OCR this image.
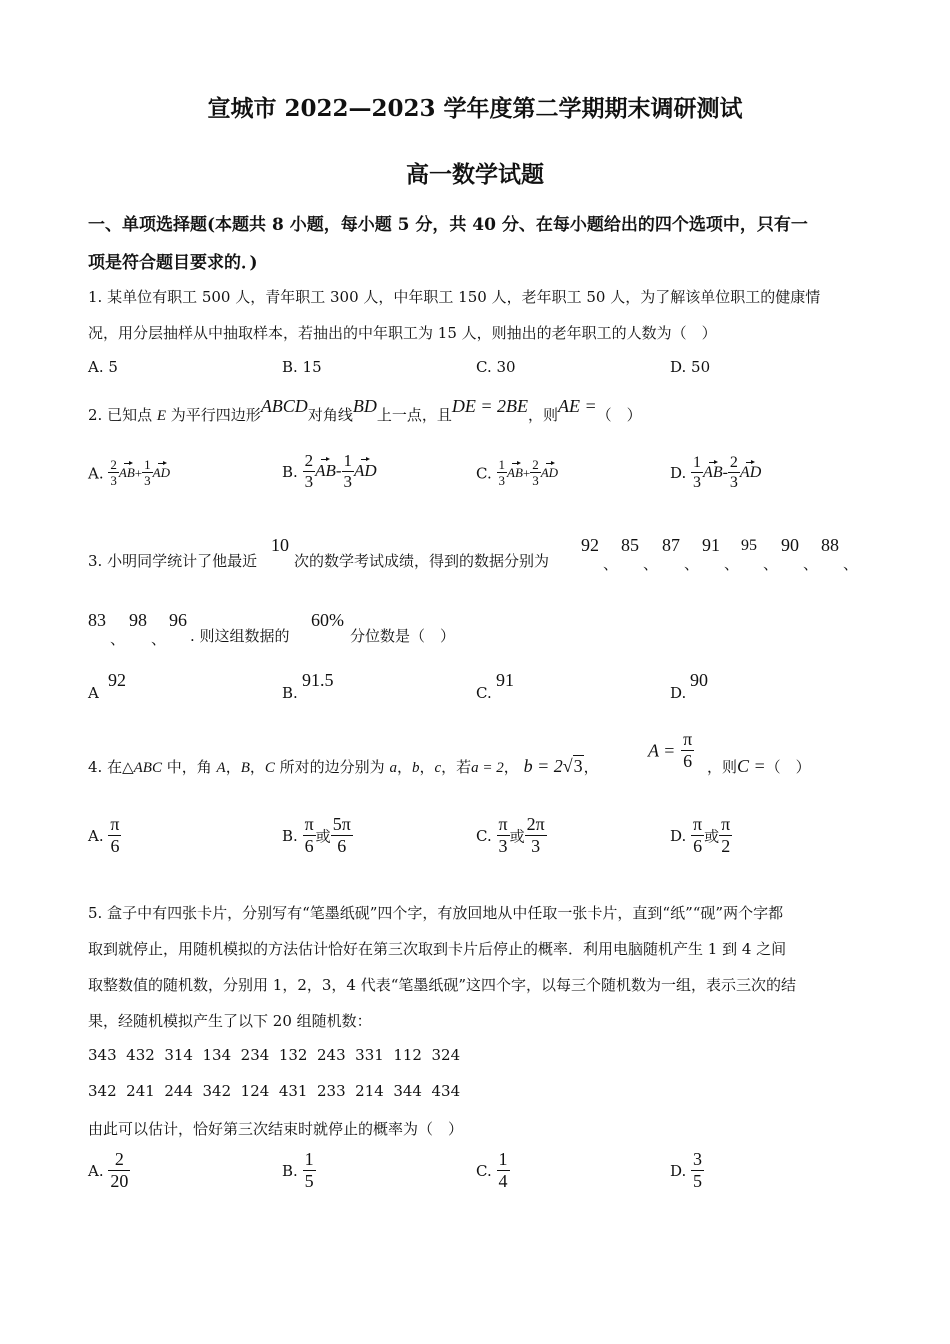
宣城市 2022—2023 学年度第二学期期末调研测试
高一数学试题
一、单项选择题(本题共 8 小题，每小题 5 分，共 40 分、在每小题给出的四个选项中，只有一
项是符合题目要求的．)
1. 某单位有职工 500 人，青年职工 300 人，中年职工 150 人，老年职工 50 人，为了解该单位职工的健康情
况，用分层抽样从中抽取样本，若抽出的中年职工为 15 人，则抽出的老年职工的人数为（　）
A. 5	B. 15	C. 30	D. 50
2. 已知点 E 为平行四边形ABCD对角线BD上一点，且DE = 2BE，则AE =（　）
A. $\frac{2}{3} AB+ \frac{1}{3}$ AD	B. $\frac{2}{3} AB- \frac{1}{3}$ AD	C. $\frac{1}{3} AB+ \frac{2}{3}$ AD	D. $\frac{1}{3} AB- \frac{2}{3}$ AD
3. 小明同学统计了他最近
10
次的数学考试成绩，得到的数据分别为
92
、
85
、
87
、
91
、
95
、
90
、
88
、
83
、
98
、
96
. 则这组数据的
60%
分位数是（　）
A
92
B.
91.5
C.
91
D.
90
4. 在△ABC 中，角 A，B，C 所对的边分别为 a，b，c，若a = 2， b = 2√3，
$A = \frac{\pi}{6}$ ，则C =（　）
A. $\frac{\pi}{6}$	B. $\frac{\pi}{6}$ 或 $\frac{5\pi}{6}$	C. $\frac{\pi}{3}$ 或 $\frac{2\pi}{3}$	D. $\frac{\pi}{6}$ 或 $\frac{\pi}{2}$
5. 盒子中有四张卡片，分别写有“笔墨纸砚”四个字，有放回地从中任取一张卡片，直到“纸”“砚”两个字都
取到就停止，用随机模拟的方法估计恰好在第三次取到卡片后停止的概率．利用电脑随机产生 1 到 4 之间
取整数值的随机数，分别用 1，2，3，4 代表“笔墨纸砚”这四个字，以每三个随机数为一组，表示三次的结
果，经随机模拟产生了以下 20 组随机数：
343  432  314  134  234  132  243  331  112  324
342  241  244  342  124  431  233  214  344  434
由此可以估计，恰好第三次结束时就停止的概率为（　）
A. $\frac{2}{20}$	B. $\frac{1}{5}$	C. $\frac{1}{4}$	D. $\frac{3}{5}$
